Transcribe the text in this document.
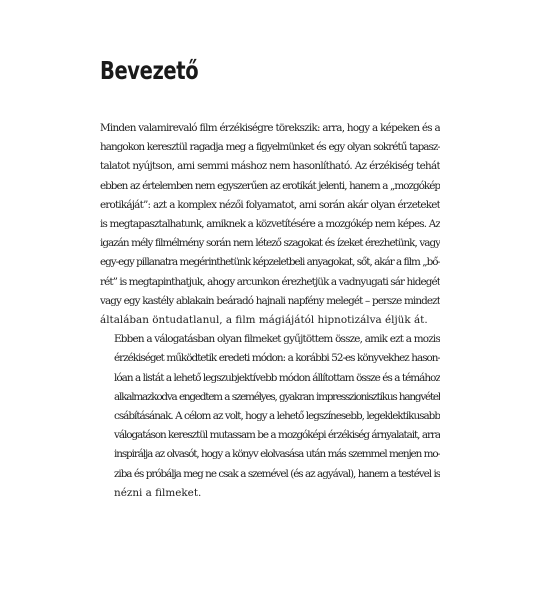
Bevezető

Minden valamirevaló film érzékiségre törekszik: arra, hogy a képeken és a
hangokon keresztül ragadja meg a figyelmünket és egy olyan sokrétű tapasz-
talatot nyújtson, ami semmi máshoz nem hasonlítható. Az érzékiség tehát
ebben az értelemben nem egyszerűen az erotikát jelenti, hanem a „mozgókép
erotikáját”: azt a komplex nézői folyamatot, ami során akár olyan érzeteket
is megtapasztalhatunk, amiknek a közvetítésére a mozgókép nem képes. Az
igazán mély filmélmény során nem létező szagokat és ízeket érezhetünk, vagy
egy-egy pillanatra megérinthetünk képzeletbeli anyagokat, sőt, akár a film „bő-
rét” is megtapinthatjuk, ahogy arcunkon érezhetjük a vadnyugati sár hidegét
vagy egy kastély ablakain beáradó hajnali napfény melegét – persze mindezt
általában öntudatlanul, a film mágiájától hipnotizálva éljük át.

Ebben a válogatásban olyan filmeket gyűjtöttem össze, amik ezt a mozis
érzékiséget működtetik eredeti módon: a korábbi 52-es könyvekhez hason-
lóan a listát a lehető legszubjektívebb módon állítottam össze és a témához
alkalmazkodva engedtem a személyes, gyakran impresszionisztikus hangvétel
csábításának. A célom az volt, hogy a lehető legszínesebb, legeklektikusabb
válogatáson keresztül mutassam be a mozgóképi érzékiség árnyalatait, arra
inspirálja az olvasót, hogy a könyv elolvasása után más szemmel menjen mo-
ziba és próbálja meg ne csak a szemével (és az agyával), hanem a testével is
nézni a filmeket.
